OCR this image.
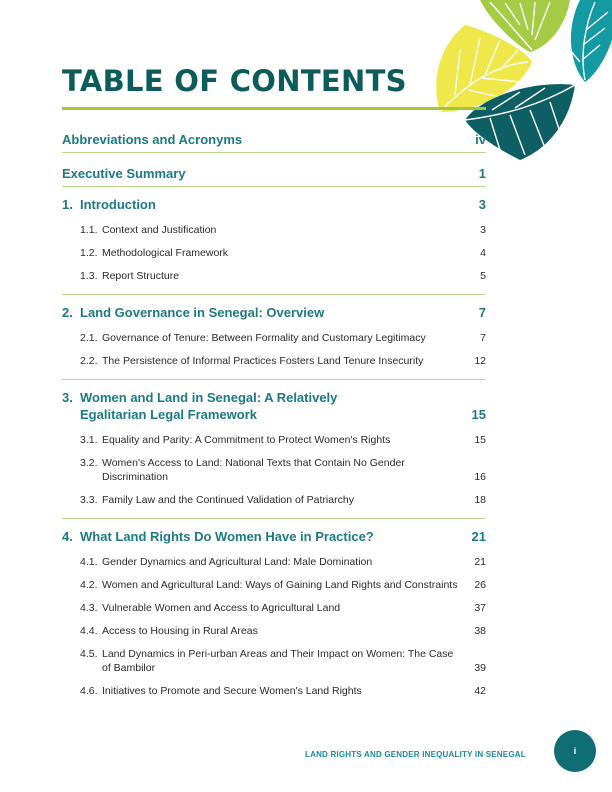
TABLE OF CONTENTS
Abbreviations and Acronyms	iv
Executive Summary	1
1. Introduction	3
1.1. Context and Justification	3
1.2. Methodological Framework	4
1.3. Report Structure	5
2. Land Governance in Senegal: Overview	7
2.1. Governance of Tenure: Between Formality and Customary Legitimacy	7
2.2. The Persistence of Informal Practices Fosters Land Tenure Insecurity	12
3. Women and Land in Senegal: A Relatively
Egalitarian Legal Framework	15
3.1. Equality and Parity: A Commitment to Protect Women's Rights	15
3.2. Women's Access to Land: National Texts that Contain No Gender Discrimination	16
3.3. Family Law and the Continued Validation of Patriarchy	18
4. What Land Rights Do Women Have in Practice?	21
4.1. Gender Dynamics and Agricultural Land: Male Domination	21
4.2. Women and Agricultural Land: Ways of Gaining Land Rights and Constraints 26
4.3. Vulnerable Women and Access to Agricultural Land	37
4.4. Access to Housing in Rural Areas	38
4.5. Land Dynamics in Peri-urban Areas and Their Impact on Women: The Case of Bambilor	39
4.6. Initiatives to Promote and Secure Women's Land Rights	42
LAND RIGHTS AND GENDER INEQUALITY IN SENEGAL	i
